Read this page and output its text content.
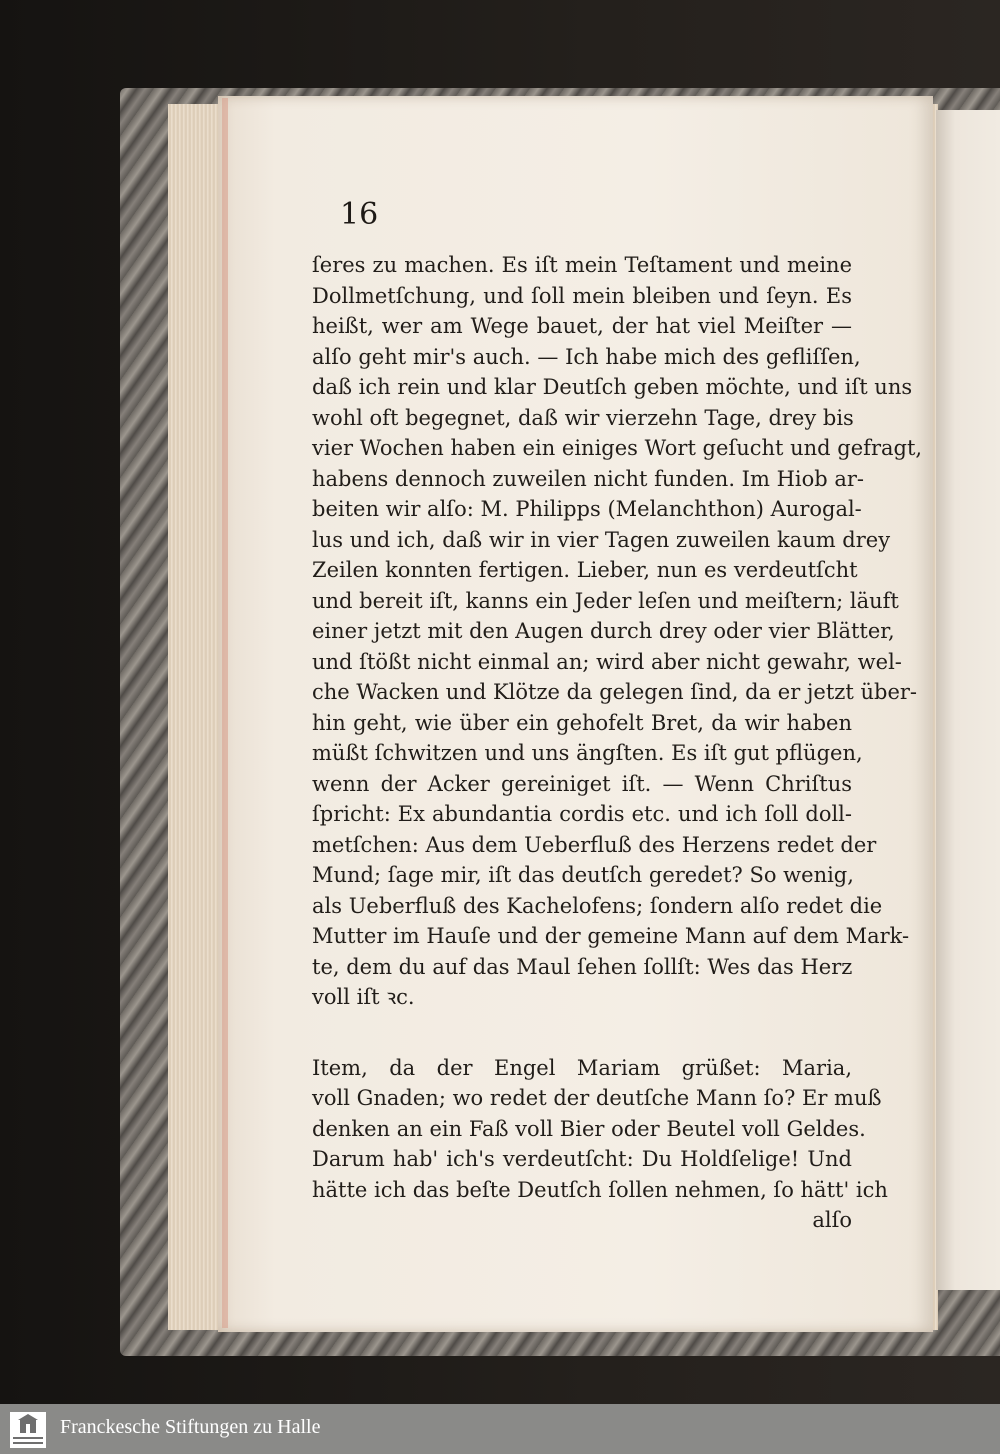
16

ſeres zu machen. Es iſt mein Teſtament und meine
Dollmetſchung, und ſoll mein bleiben und ſeyn. Es
heißt, wer am Wege bauet, der hat viel Meiſter —
alſo geht mir's auch. — Ich habe mich des gefliſſen,
daß ich rein und klar Deutſch geben möchte, und iſt uns
wohl oft begegnet, daß wir vierzehn Tage, drey bis
vier Wochen haben ein einiges Wort geſucht und gefragt,
habens dennoch zuweilen nicht funden. Im Hiob ar-
beiten wir alſo: M. Philipps (Melanchthon) Aurogal-
lus und ich, daß wir in vier Tagen zuweilen kaum drey
Zeilen konnten fertigen. Lieber, nun es verdeutſcht
und bereit iſt, kanns ein Jeder leſen und meiſtern; läuft
einer jetzt mit den Augen durch drey oder vier Blätter,
und ſtößt nicht einmal an; wird aber nicht gewahr, wel-
che Wacken und Klötze da gelegen ſind, da er jetzt über-
hin geht, wie über ein gehofelt Bret, da wir haben
müßt ſchwitzen und uns ängſten. Es iſt gut pflügen,
wenn der Acker gereiniget iſt. — Wenn Chriſtus
ſpricht: Ex abundantia cordis etc. und ich ſoll doll-
metſchen: Aus dem Ueberfluß des Herzens redet der
Mund; ſage mir, iſt das deutſch geredet? So wenig,
als Ueberfluß des Kachelofens; ſondern alſo redet die
Mutter im Hauſe und der gemeine Mann auf dem Mark-
te, dem du auf das Maul ſehen ſollſt: Wes das Herz
voll iſt ꝛc.
Item, da der Engel Mariam grüßet: Maria,
voll Gnaden; wo redet der deutſche Mann ſo? Er muß
denken an ein Faß voll Bier oder Beutel voll Geldes.
Darum hab' ich's verdeutſcht: Du Holdſelige! Und
hätte ich das beſte Deutſch ſollen nehmen, ſo hätt' ich
alſo
Franckesche Stiftungen zu Halle
